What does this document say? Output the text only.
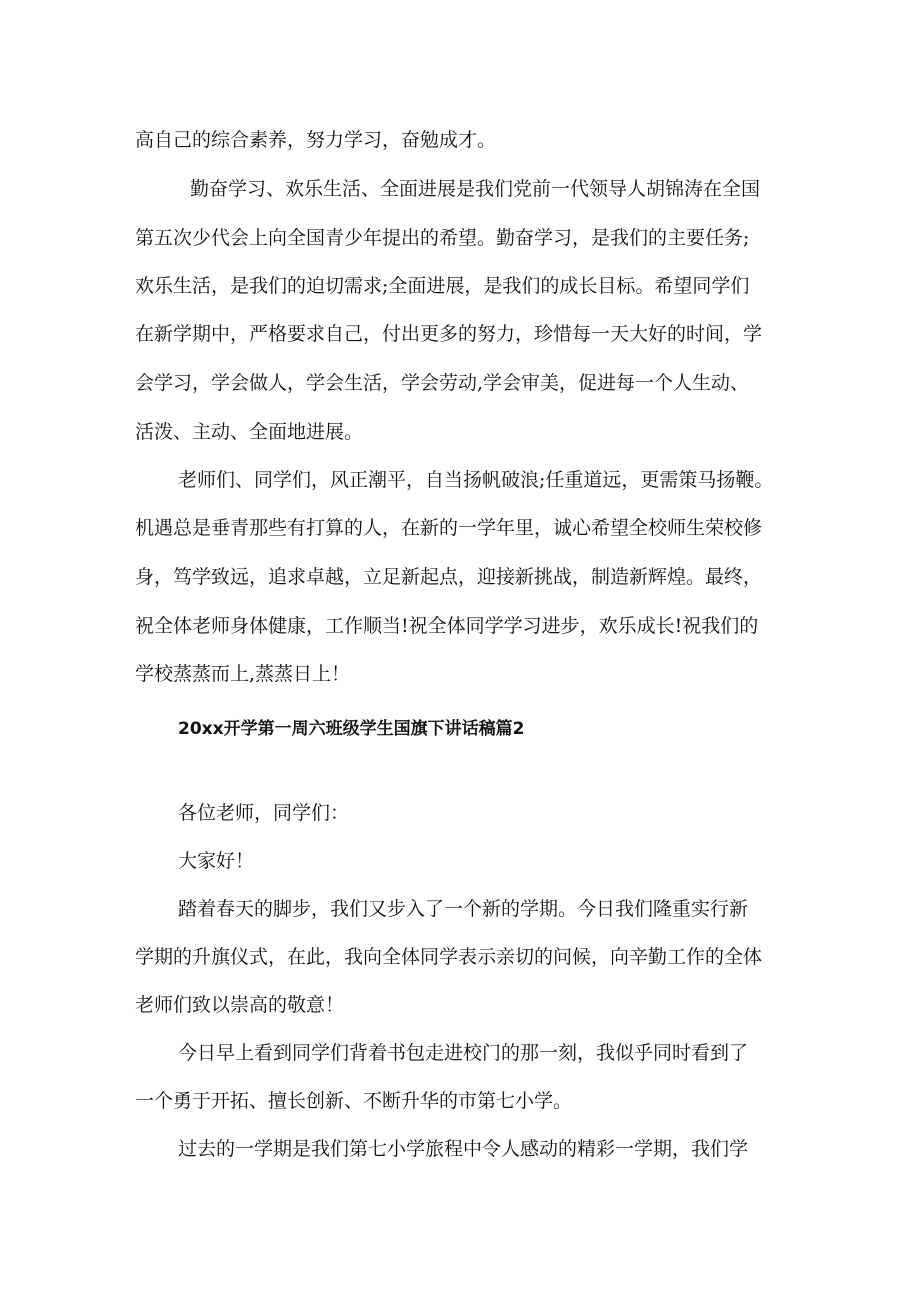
高自己的综合素养，努力学习，奋勉成才。

勤奋学习、欢乐生活、全面进展是我们党前一代领导人胡锦涛在全国

第五次少代会上向全国青少年提出的希望。勤奋学习，是我们的主要任务;

欢乐生活，是我们的迫切需求;全面进展，是我们的成长目标。希望同学们

在新学期中，严格要求自己，付出更多的努力，珍惜每一天大好的时间，学

会学习，学会做人，学会生活，学会劳动,学会审美，促进每一个人生动、

活泼、主动、全面地进展。

老师们、同学们，风正潮平，自当扬帆破浪;任重道远，更需策马扬鞭。

机遇总是垂青那些有打算的人，在新的一学年里，诚心希望全校师生荣校修

身，笃学致远，追求卓越，立足新起点，迎接新挑战，制造新辉煌。最终，

祝全体老师身体健康，工作顺当!祝全体同学学习进步，欢乐成长!祝我们的

学校蒸蒸而上,蒸蒸日上！

20xx开学第一周六班级学生国旗下讲话稿篇2

各位老师，同学们：

大家好！

踏着春天的脚步，我们又步入了一个新的学期。今日我们隆重实行新

学期的升旗仪式，在此，我向全体同学表示亲切的问候，向辛勤工作的全体

老师们致以崇高的敬意！

今日早上看到同学们背着书包走进校门的那一刻，我似乎同时看到了

一个勇于开拓、擅长创新、不断升华的市第七小学。

过去的一学期是我们第七小学旅程中令人感动的精彩一学期，我们学
